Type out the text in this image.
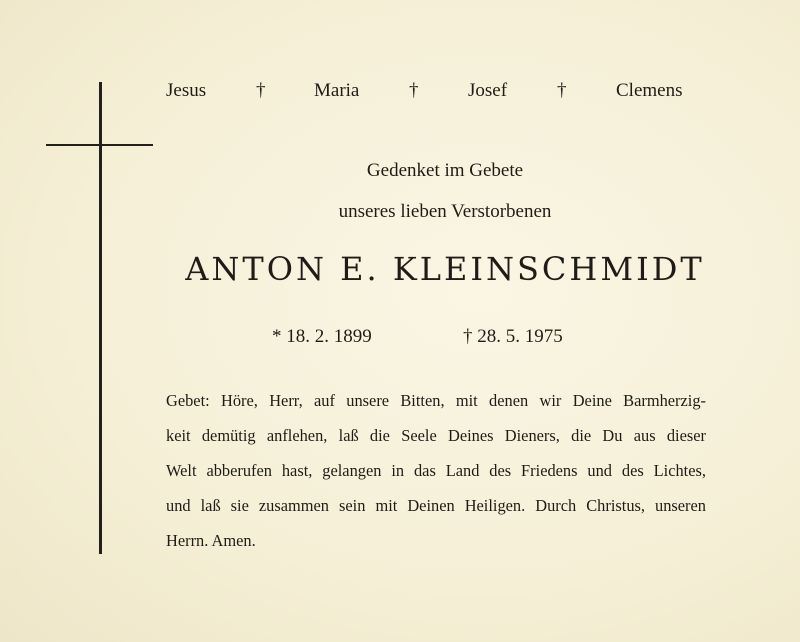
Jesus	†	Maria	†	Josef	†	Clemens
Gedenket im Gebete
unseres lieben Verstorbenen
ANTON E. KLEINSCHMIDT
* 18. 2. 1899	† 28. 5. 1975
Gebet: Höre, Herr, auf unsere Bitten, mit denen wir Deine Barmherzig-
keit demütig anflehen, laß die Seele Deines Dieners, die Du aus dieser
Welt abberufen hast, gelangen in das Land des Friedens und des Lichtes,
und laß sie zusammen sein mit Deinen Heiligen. Durch Christus, unseren
Herrn. Amen.
